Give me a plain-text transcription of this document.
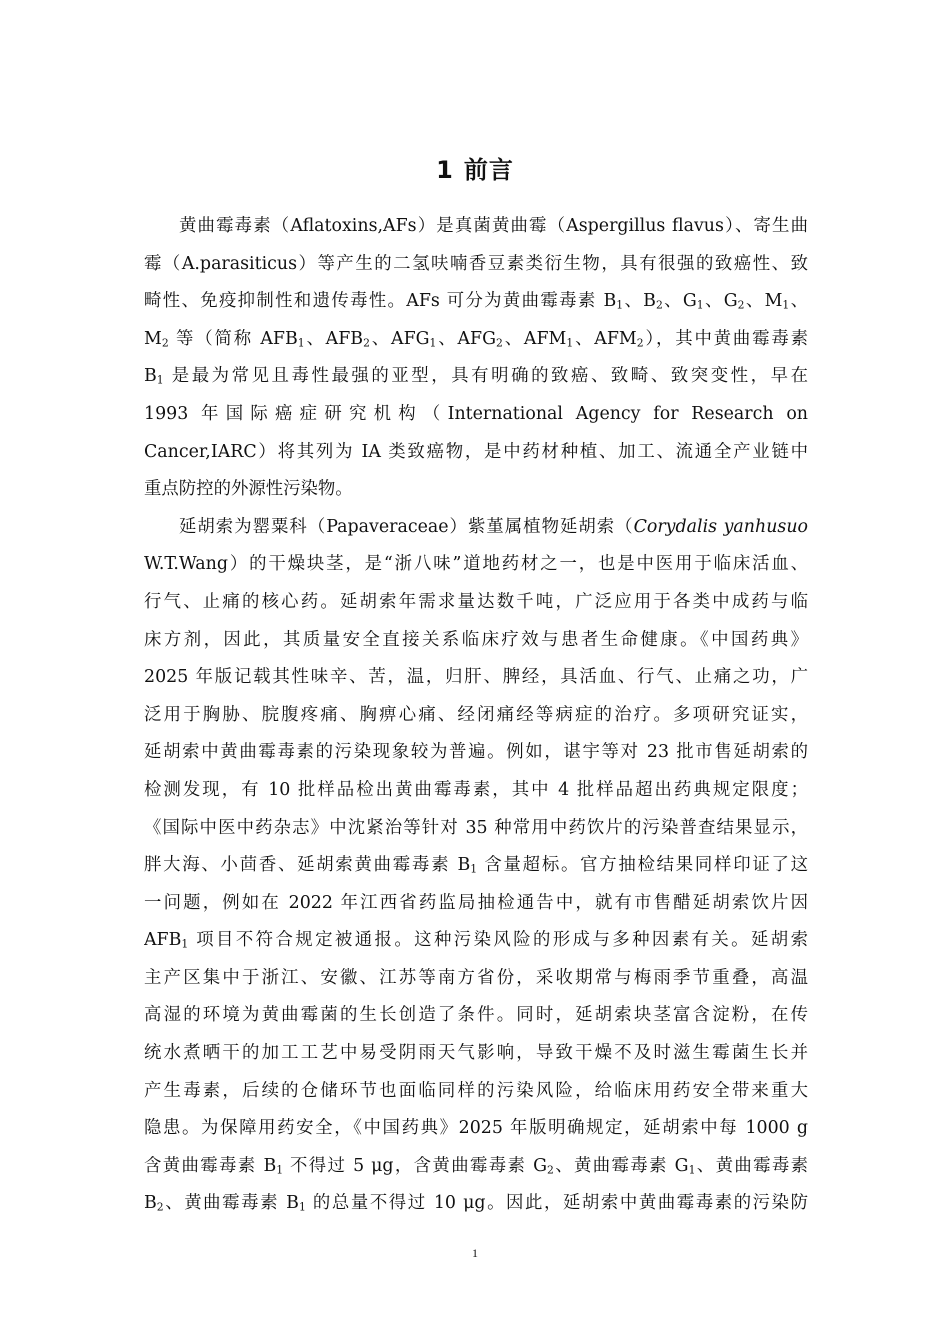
1 前言
黄曲霉毒素（Aflatoxins,AFs）是真菌黄曲霉（Aspergillus flavus）、寄生曲
霉（A.parasiticus）等产生的二氢呋喃香豆素类衍生物，具有很强的致癌性、致
畸性、免疫抑制性和遗传毒性。AFs 可分为黄曲霉毒素 $B_1$、$B_2$、$G_1$、$G_2$、$M_1$、
$M_2$ 等（简称 $AFB_1$、$AFB_2$、$AFG_1$、$AFG_2$、$AFM_1$、$AFM_2$），其中黄曲霉毒素
$B_1$ 是最为常见且毒性最强的亚型，具有明确的致癌、致畸、致突变性，早在
1993 年国际癌症研究机构（International Agency for Research on
Cancer,IARC）将其列为 IA 类致癌物，是中药材种植、加工、流通全产业链中
重点防控的外源性污染物。
延胡索为罂粟科（Papaveraceae）紫堇属植物延胡索（Corydalis yanhusuo
W.T.Wang）的干燥块茎，是“浙八味”道地药材之一，也是中医用于临床活血、
行气、止痛的核心药。延胡索年需求量达数千吨，广泛应用于各类中成药与临
床方剂，因此，其质量安全直接关系临床疗效与患者生命健康。《中国药典》
2025 年版记载其性味辛、苦，温，归肝、脾经，具活血、行气、止痛之功，广
泛用于胸胁、脘腹疼痛、胸痹心痛、经闭痛经等病症的治疗。多项研究证实，
延胡索中黄曲霉毒素的污染现象较为普遍。例如，谌宇等对 23 批市售延胡索的
检测发现，有 10 批样品检出黄曲霉毒素，其中 4 批样品超出药典规定限度；
《国际中医中药杂志》中沈紧治等针对 35 种常用中药饮片的污染普查结果显示，
胖大海、小茴香、延胡索黄曲霉毒素 $B_1$ 含量超标。官方抽检结果同样印证了这
一问题，例如在 2022 年江西省药监局抽检通告中，就有市售醋延胡索饮片因
$AFB_1$ 项目不符合规定被通报。这种污染风险的形成与多种因素有关。延胡索
主产区集中于浙江、安徽、江苏等南方省份，采收期常与梅雨季节重叠，高温
高湿的环境为黄曲霉菌的生长创造了条件。同时，延胡索块茎富含淀粉，在传
统水煮晒干的加工工艺中易受阴雨天气影响，导致干燥不及时滋生霉菌生长并
产生毒素，后续的仓储环节也面临同样的污染风险，给临床用药安全带来重大
隐患。为保障用药安全，《中国药典》2025 年版明确规定，延胡索中每 1000 g
含黄曲霉毒素 $B_1$ 不得过 5 μg，含黄曲霉毒素 $G_2$、黄曲霉毒素 $G_1$、黄曲霉毒素
$B_2$、黄曲霉毒素 $B_1$ 的总量不得过 10 μg。因此，延胡索中黄曲霉毒素的污染防
1
